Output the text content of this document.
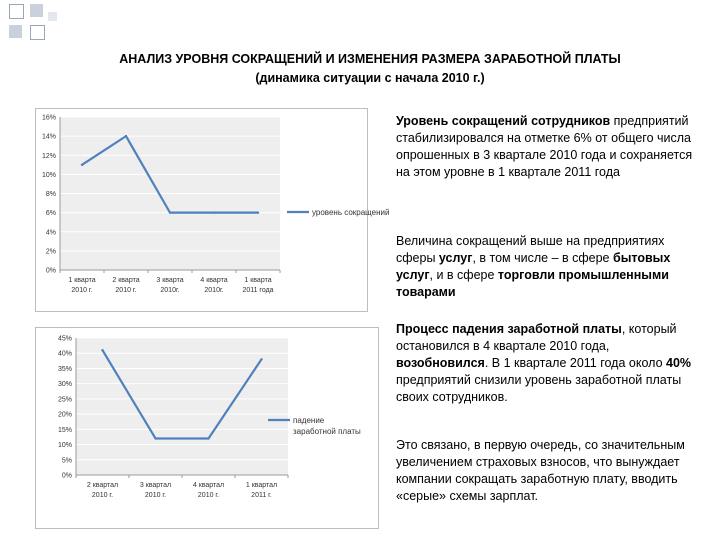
АНАЛИЗ УРОВНЯ СОКРАЩЕНИЙ И ИЗМЕНЕНИЯ РАЗМЕРА ЗАРАБОТНОЙ ПЛАТЫ
(динамика ситуации с начала 2010 г.)
0%
2%
4%
6%
8%
10%
12%
14%
16%
1 кварта
2010 г.
2 кварта
2010 г.
3 кварта
2010г.
4 кварта
2010г.
1 кварта
2011 года
уровень сокращений
0%
5%
10%
15%
20%
25%
30%
35%
40%
45%
2 квартал
2010 г.
3 квартал
2010 г.
4 квартал
2010 г.
1 квартал
2011 г.
падение
заработной платы

Уровень сокращений сотрудников предприятий стабилизировался на отметке 6% от общего числа опрошенных в 3 квартале 2010 года и сохраняется на этом уровне в 1 квартале 2011 года

Величина сокращений выше на предприятиях сферы услуг, в том числе – в сфере бытовых услуг, и в сфере торговли промышленными товарами

Процесс падения заработной платы, который остановился в 4 квартале 2010 года, возобновился. В 1 квартале 2011 года около 40% предприятий снизили уровень заработной платы своих сотрудников.

Это связано, в первую очередь, со значительным увеличением страховых взносов, что вынуждает компании сокращать заработную плату, вводить «серые» схемы зарплат.
